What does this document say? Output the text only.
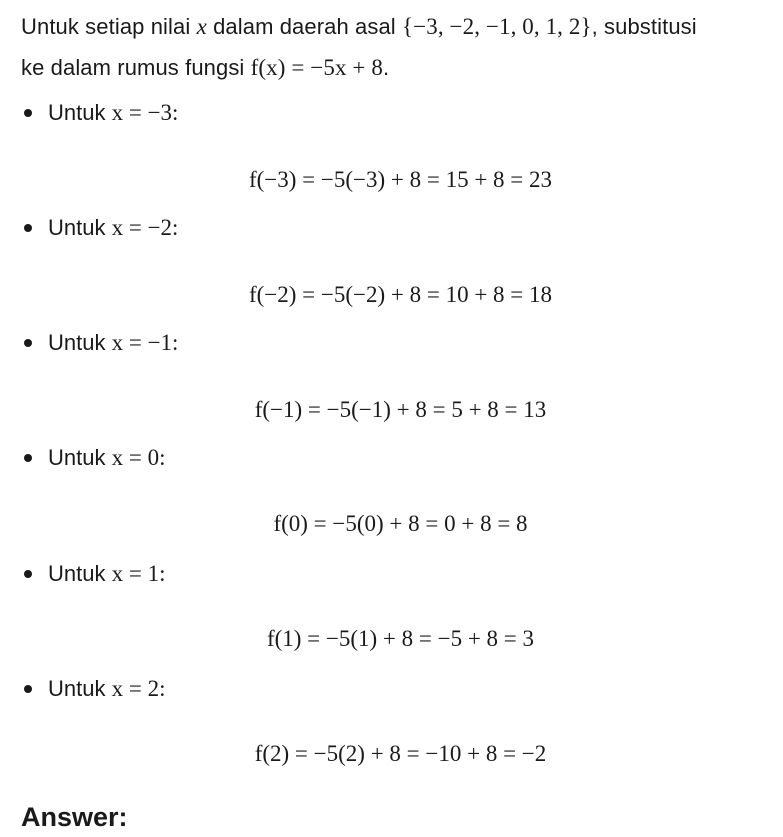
Untuk setiap nilai x dalam daerah asal {−3, −2, −1, 0, 1, 2}, substitusi
ke dalam rumus fungsi f(x) = −5x + 8.
Untuk x = −3:
f(−3) = −5(−3) + 8 = 15 + 8 = 23
Untuk x = −2:
f(−2) = −5(−2) + 8 = 10 + 8 = 18
Untuk x = −1:
f(−1) = −5(−1) + 8 = 5 + 8 = 13
Untuk x = 0:
f(0) = −5(0) + 8 = 0 + 8 = 8
Untuk x = 1:
f(1) = −5(1) + 8 = −5 + 8 = 3
Untuk x = 2:
f(2) = −5(2) + 8 = −10 + 8 = −2
Answer:
